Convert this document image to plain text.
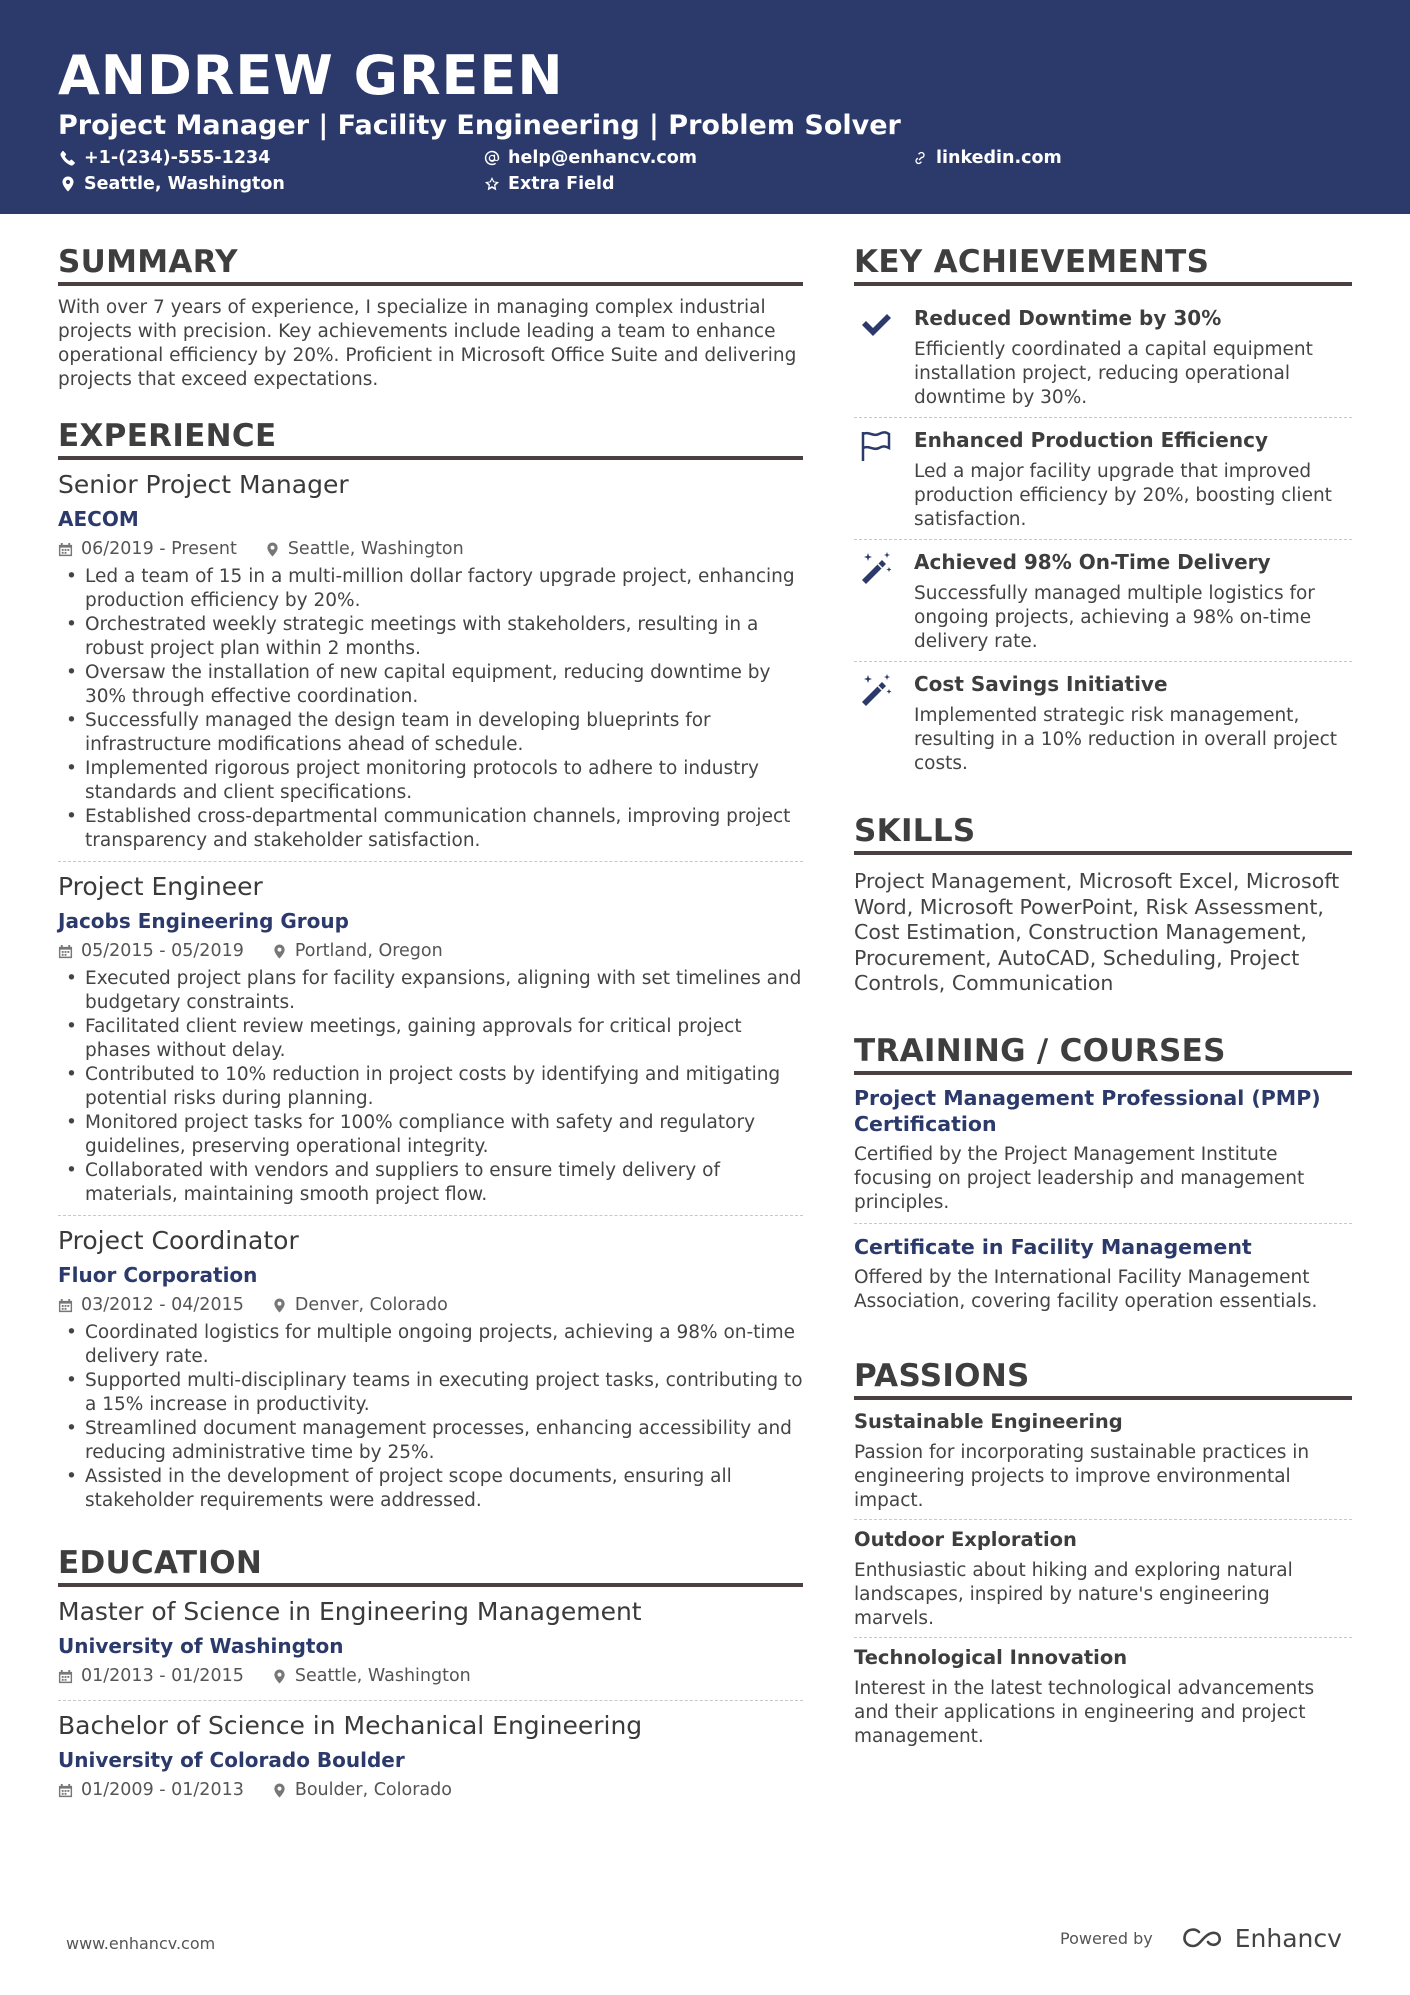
ANDREW GREEN
Project Manager | Facility Engineering | Problem Solver
+1-(234)-555-1234	help@enhancv.com	linkedin.com
Seattle, Washington	Extra Field
SUMMARY
With over 7 years of experience, I specialize in managing complex industrial projects with precision. Key achievements include leading a team to enhance operational efficiency by 20%. Proficient in Microsoft Office Suite and delivering projects that exceed expectations.
EXPERIENCE
Senior Project Manager
AECOM
06/2019 - Present	Seattle, Washington
• Led a team of 15 in a multi-million dollar factory upgrade project, enhancing production efficiency by 20%.
• Orchestrated weekly strategic meetings with stakeholders, resulting in a robust project plan within 2 months.
• Oversaw the installation of new capital equipment, reducing downtime by 30% through effective coordination.
• Successfully managed the design team in developing blueprints for infrastructure modifications ahead of schedule.
• Implemented rigorous project monitoring protocols to adhere to industry standards and client specifications.
• Established cross-departmental communication channels, improving project transparency and stakeholder satisfaction.
Project Engineer
Jacobs Engineering Group
05/2015 - 05/2019	Portland, Oregon
• Executed project plans for facility expansions, aligning with set timelines and budgetary constraints.
• Facilitated client review meetings, gaining approvals for critical project phases without delay.
• Contributed to 10% reduction in project costs by identifying and mitigating potential risks during planning.
• Monitored project tasks for 100% compliance with safety and regulatory guidelines, preserving operational integrity.
• Collaborated with vendors and suppliers to ensure timely delivery of materials, maintaining smooth project flow.
Project Coordinator
Fluor Corporation
03/2012 - 04/2015	Denver, Colorado
• Coordinated logistics for multiple ongoing projects, achieving a 98% on-time delivery rate.
• Supported multi-disciplinary teams in executing project tasks, contributing to a 15% increase in productivity.
• Streamlined document management processes, enhancing accessibility and reducing administrative time by 25%.
• Assisted in the development of project scope documents, ensuring all stakeholder requirements were addressed.
EDUCATION
Master of Science in Engineering Management
University of Washington
01/2013 - 01/2015	Seattle, Washington
Bachelor of Science in Mechanical Engineering
University of Colorado Boulder
01/2009 - 01/2013	Boulder, Colorado
KEY ACHIEVEMENTS
Reduced Downtime by 30%
Efficiently coordinated a capital equipment installation project, reducing operational downtime by 30%.
Enhanced Production Efficiency
Led a major facility upgrade that improved production efficiency by 20%, boosting client satisfaction.
Achieved 98% On-Time Delivery
Successfully managed multiple logistics for ongoing projects, achieving a 98% on-time delivery rate.
Cost Savings Initiative
Implemented strategic risk management, resulting in a 10% reduction in overall project costs.
SKILLS
Project Management, Microsoft Excel, Microsoft Word, Microsoft PowerPoint, Risk Assessment, Cost Estimation, Construction Management, Procurement, AutoCAD, Scheduling, Project Controls, Communication
TRAINING / COURSES
Project Management Professional (PMP) Certification
Certified by the Project Management Institute focusing on project leadership and management principles.
Certificate in Facility Management
Offered by the International Facility Management Association, covering facility operation essentials.
PASSIONS
Sustainable Engineering
Passion for incorporating sustainable practices in engineering projects to improve environmental impact.
Outdoor Exploration
Enthusiastic about hiking and exploring natural landscapes, inspired by nature's engineering marvels.
Technological Innovation
Interest in the latest technological advancements and their applications in engineering and project management.
www.enhancv.com	Powered by	Enhancv
